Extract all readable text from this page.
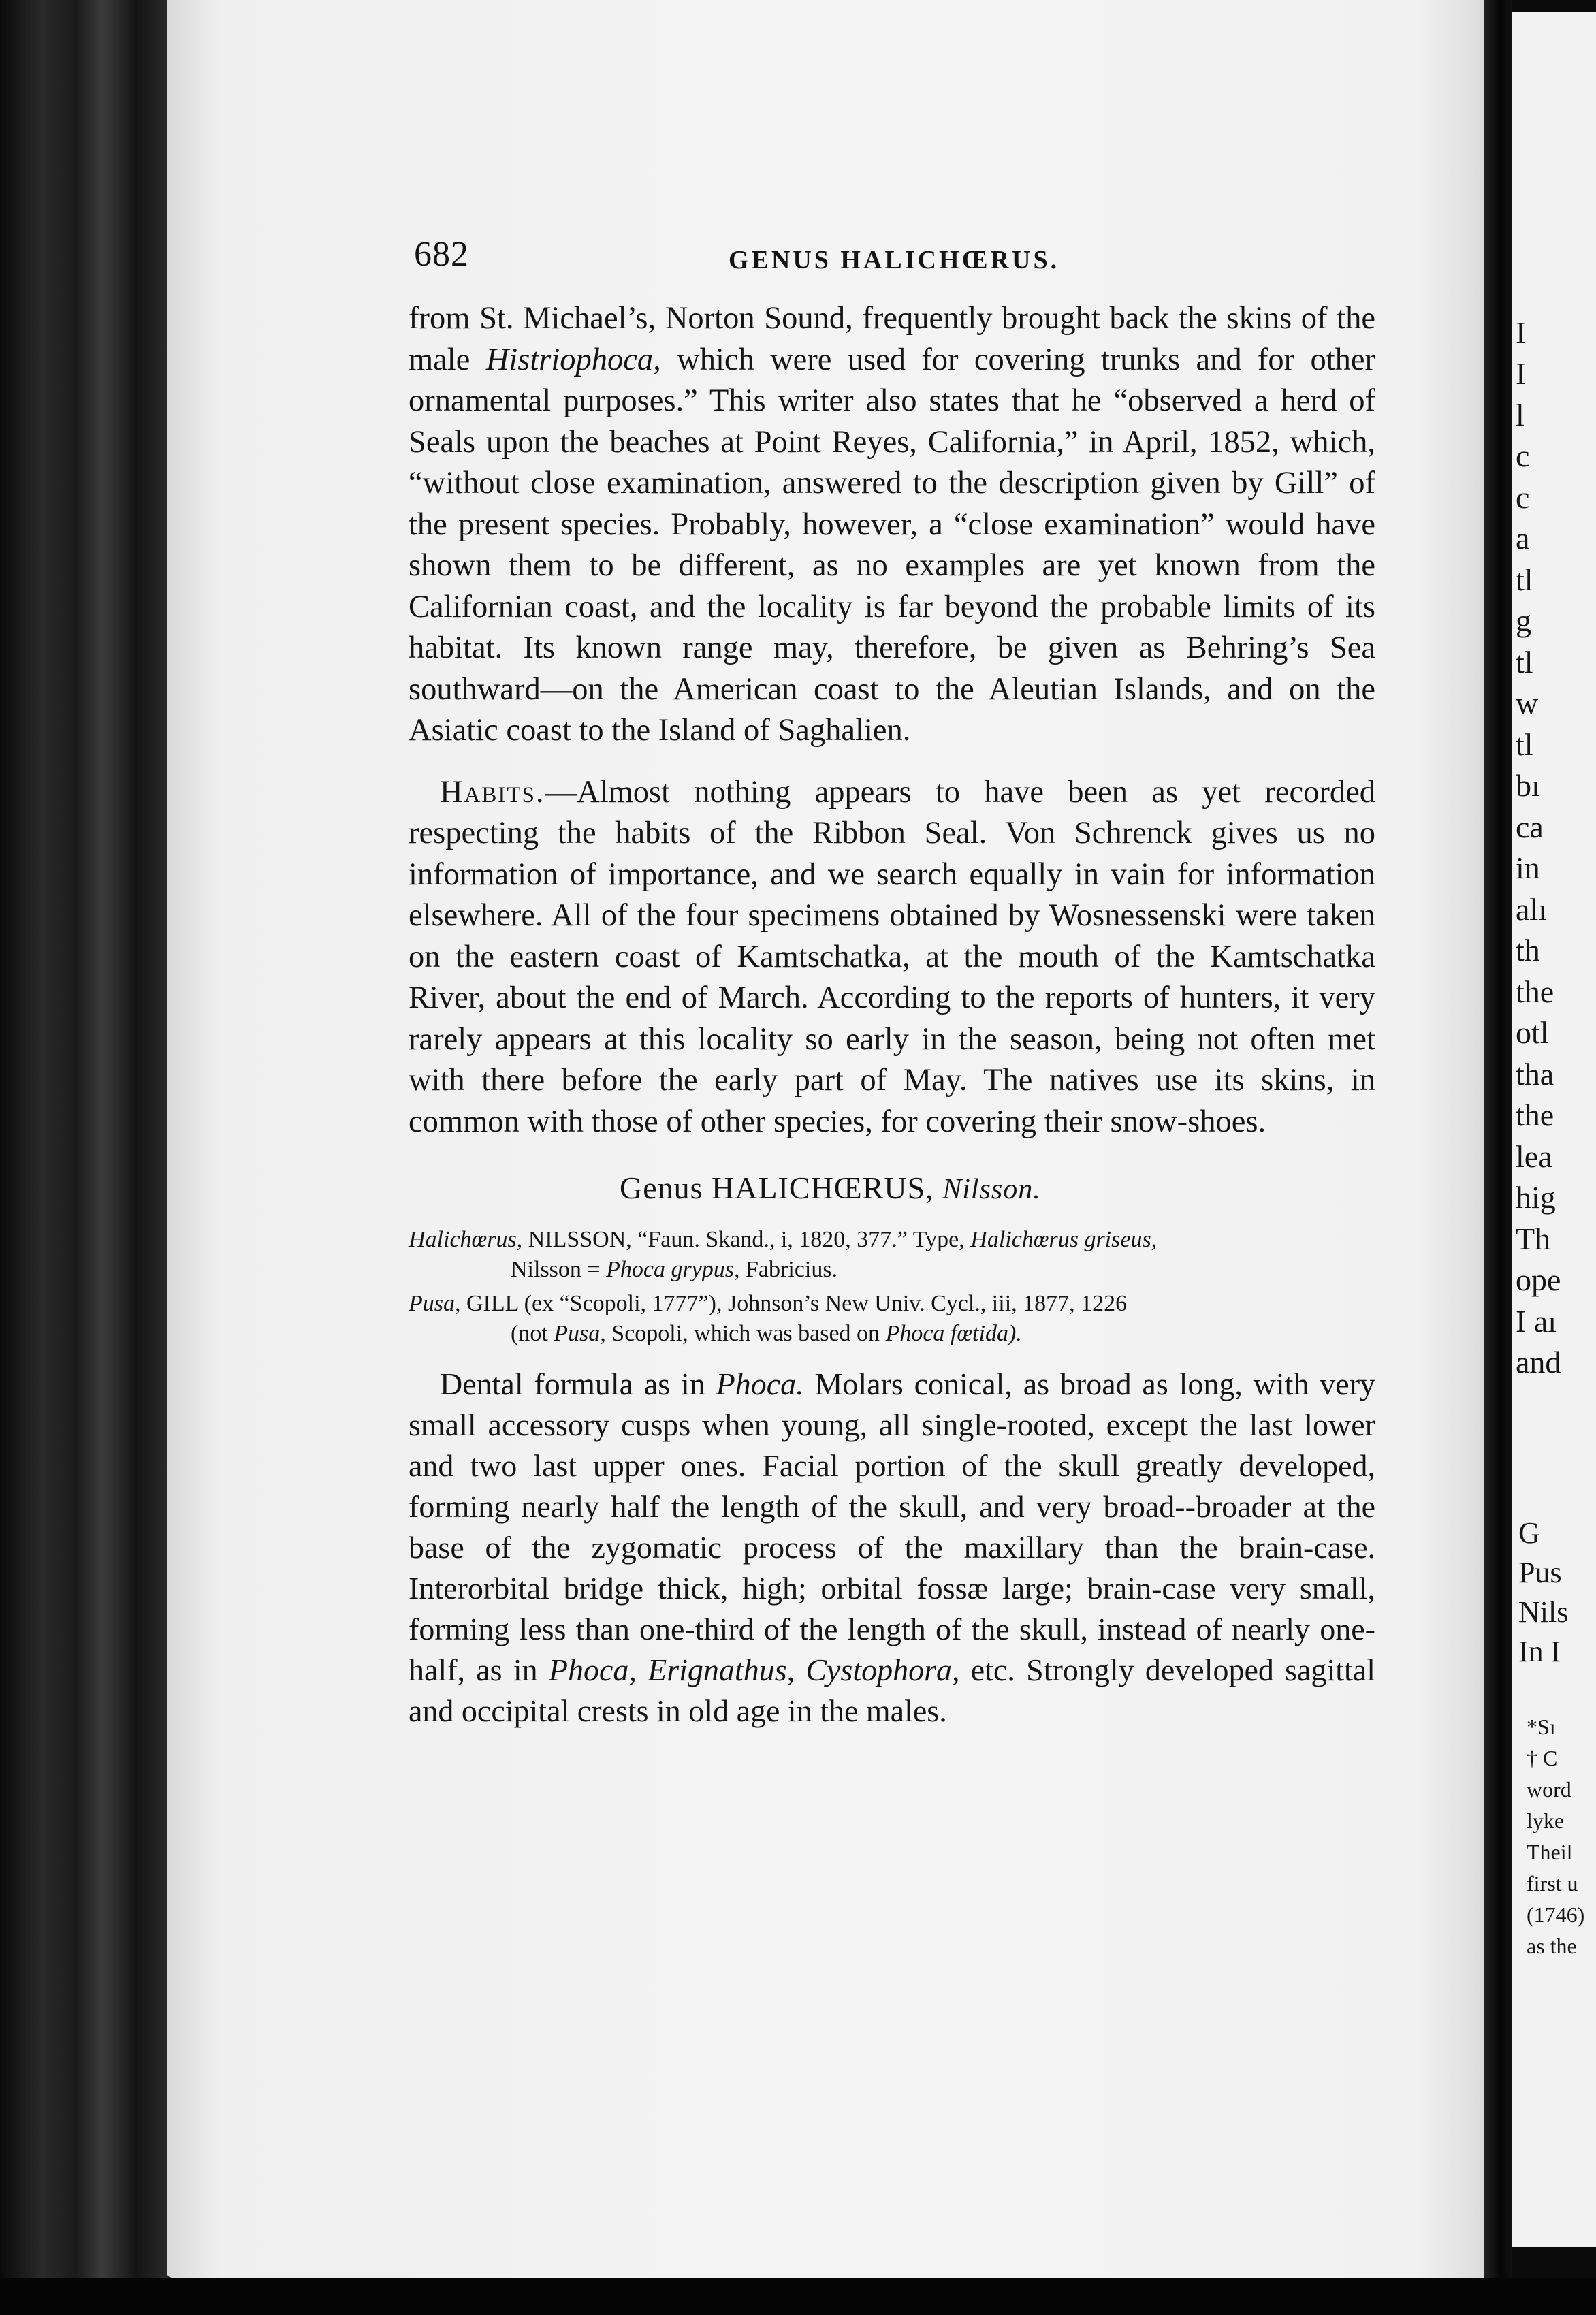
I
I
l
c
c
a
tl
g
tl
w
tl
bı
ca
in
alı
th
the
otl
tha
the
lea
hig
Th
ope
I aı
and
G
Pus
Nils
In I
*Sı
† C
word
lyke
Theil
first u
(1746)
as the
682	GENUS HALICHŒRUS.

from St. Michael’s, Norton Sound, frequently brought back the skins of the male Histriophoca, which were used for covering trunks and for other ornamental purposes.” This writer also states that he “observed a herd of Seals upon the beaches at Point Reyes, California,” in April, 1852, which, “without close examination, answered to the description given by Gill” of the present species. Probably, however, a “close examination” would have shown them to be different, as no examples are yet known from the Californian coast, and the locality is far beyond the probable limits of its habitat. Its known range may, therefore, be given as Behring’s Sea southward—on the American coast to the Aleutian Islands, and on the Asiatic coast to the Island of Saghalien.

Habits.—Almost nothing appears to have been as yet recorded respecting the habits of the Ribbon Seal. Von Schrenck gives us no information of importance, and we search equally in vain for information elsewhere. All of the four specimens obtained by Wosnessenski were taken on the eastern coast of Kamtschatka, at the mouth of the Kamtschatka River, about the end of March. According to the reports of hunters, it very rarely appears at this locality so early in the season, being not often met with there before the early part of May. The natives use its skins, in common with those of other species, for covering their snow-shoes.

Genus HALICHŒRUS, Nilsson.

Halichœrus, NILSSON, “Faun. Skand., i, 1820, 377.” Type, Halichœrus griseus,
Nilsson = Phoca grypus, Fabricius.

Pusa, GILL (ex “Scopoli, 1777”), Johnson’s New Univ. Cycl., iii, 1877, 1226
(not Pusa, Scopoli, which was based on Phoca fœtida).

Dental formula as in Phoca. Molars conical, as broad as long, with very small accessory cusps when young, all single-rooted, except the last lower and two last upper ones. Facial portion of the skull greatly developed, forming nearly half the length of the skull, and very broad--broader at the base of the zygomatic process of the maxillary than the brain-case. Interorbital bridge thick, high; orbital fossæ large; brain-case very small, forming less than one-third of the length of the skull, instead of nearly one-half, as in Phoca, Erignathus, Cystophora, etc. Strongly developed sagittal and occipital crests in old age in the males.
